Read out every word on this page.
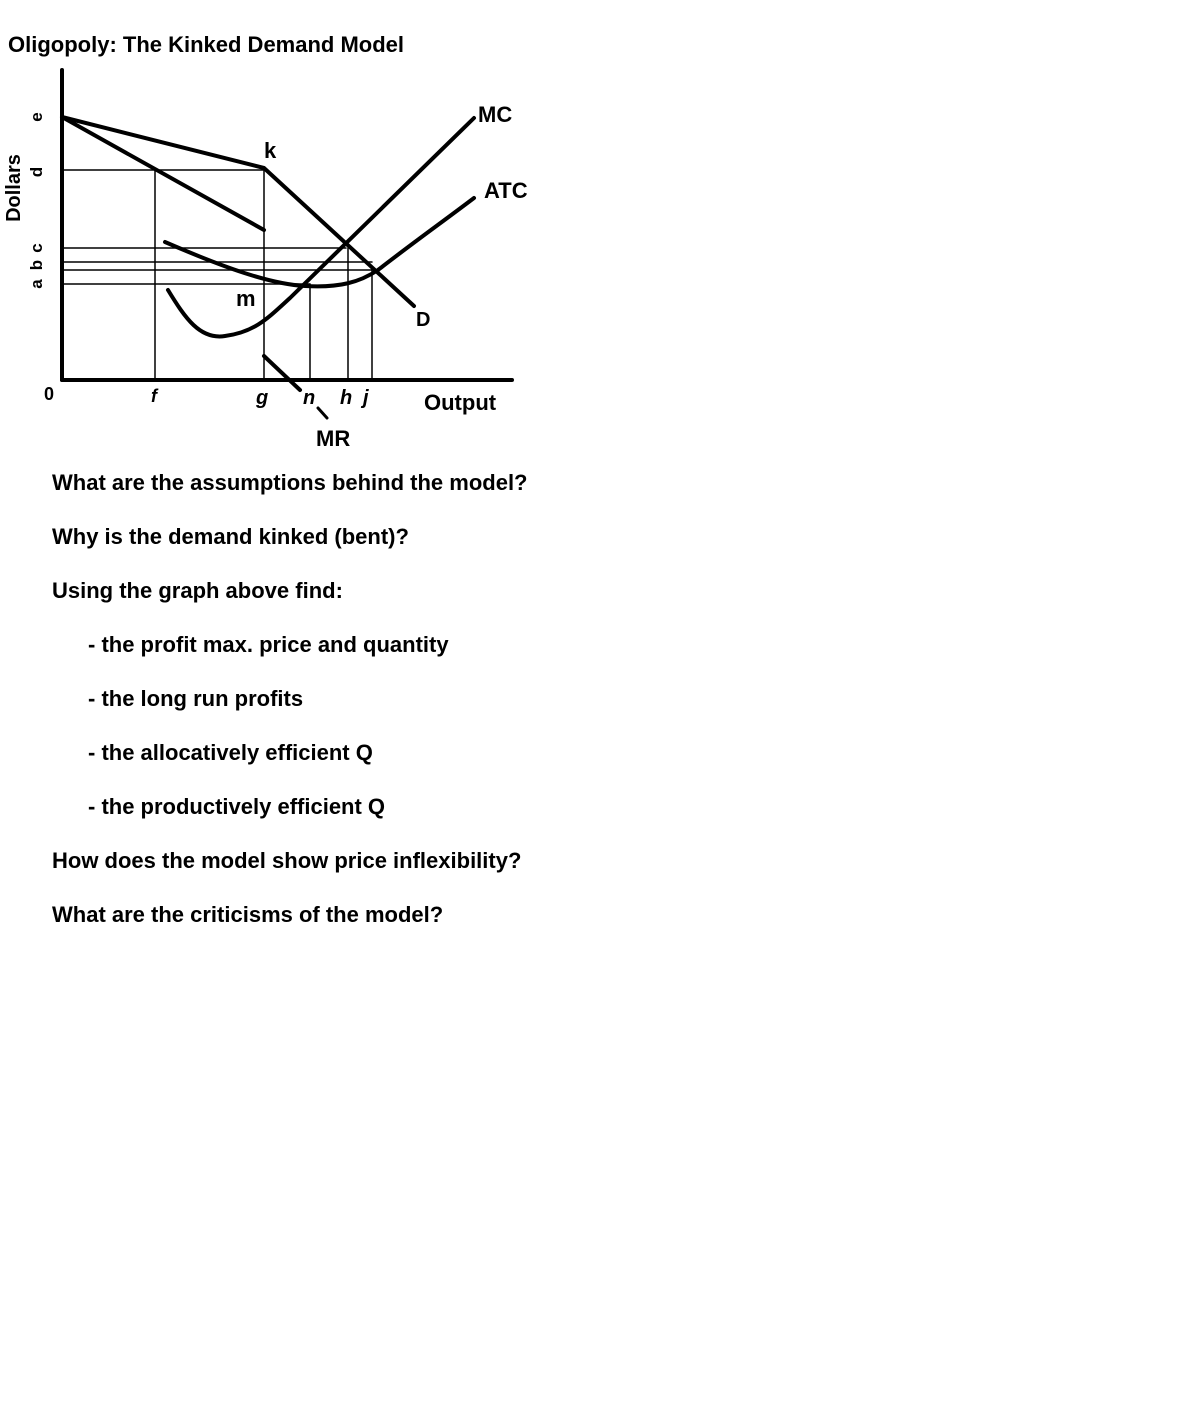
Oligopoly: The Kinked Demand Model
Dollars
Output
0
e
d
c
b
a
f	g n h j
k
m
MC
ATC
D
MR
What are the assumptions behind the model?
Why is the demand kinked (bent)?
Using the graph above find:
- the profit max. price and quantity
- the long run profits
- the allocatively efficient Q
- the productively efficient Q
How does the model show price inflexibility?
What are the criticisms of the model?
